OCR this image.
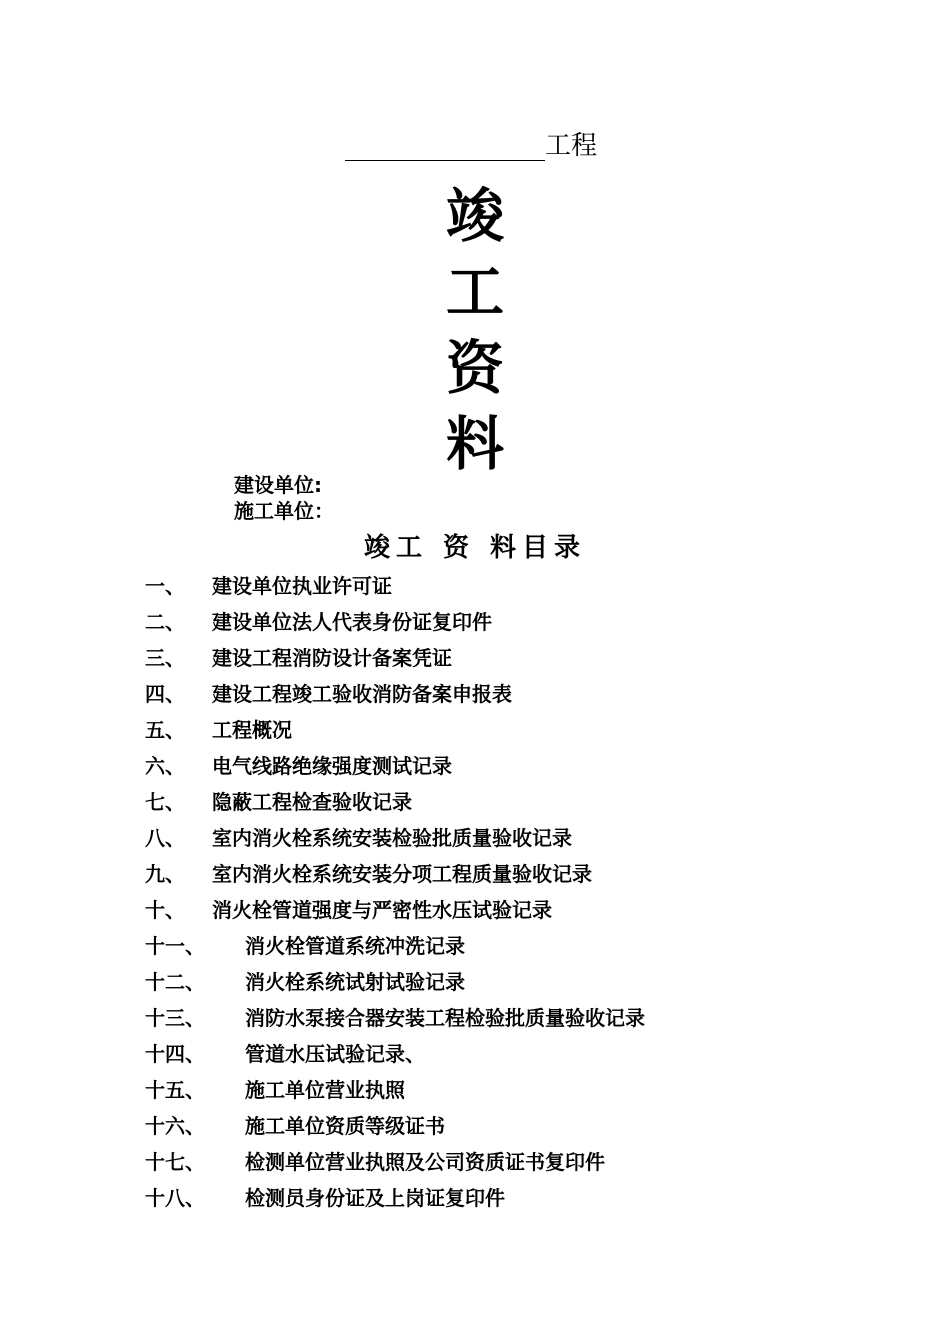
工程
竣
工
资
料
建设单位:
施工单位：
竣工 资 料目录
一、 建设单位执业许可证
二、 建设单位法人代表身份证复印件
三、 建设工程消防设计备案凭证
四、 建设工程竣工验收消防备案申报表
五、 工程概况
六、 电气线路绝缘强度测试记录
七、 隐蔽工程检查验收记录
八、 室内消火栓系统安装检验批质量验收记录
九、 室内消火栓系统安装分项工程质量验收记录
十、 消火栓管道强度与严密性水压试验记录
十一、 消火栓管道系统冲洗记录
十二、 消火栓系统试射试验记录
十三、 消防水泵接合器安装工程检验批质量验收记录
十四、 管道水压试验记录、
十五、 施工单位营业执照
十六、 施工单位资质等级证书
十七、 检测单位营业执照及公司资质证书复印件
十八、 检测员身份证及上岗证复印件
